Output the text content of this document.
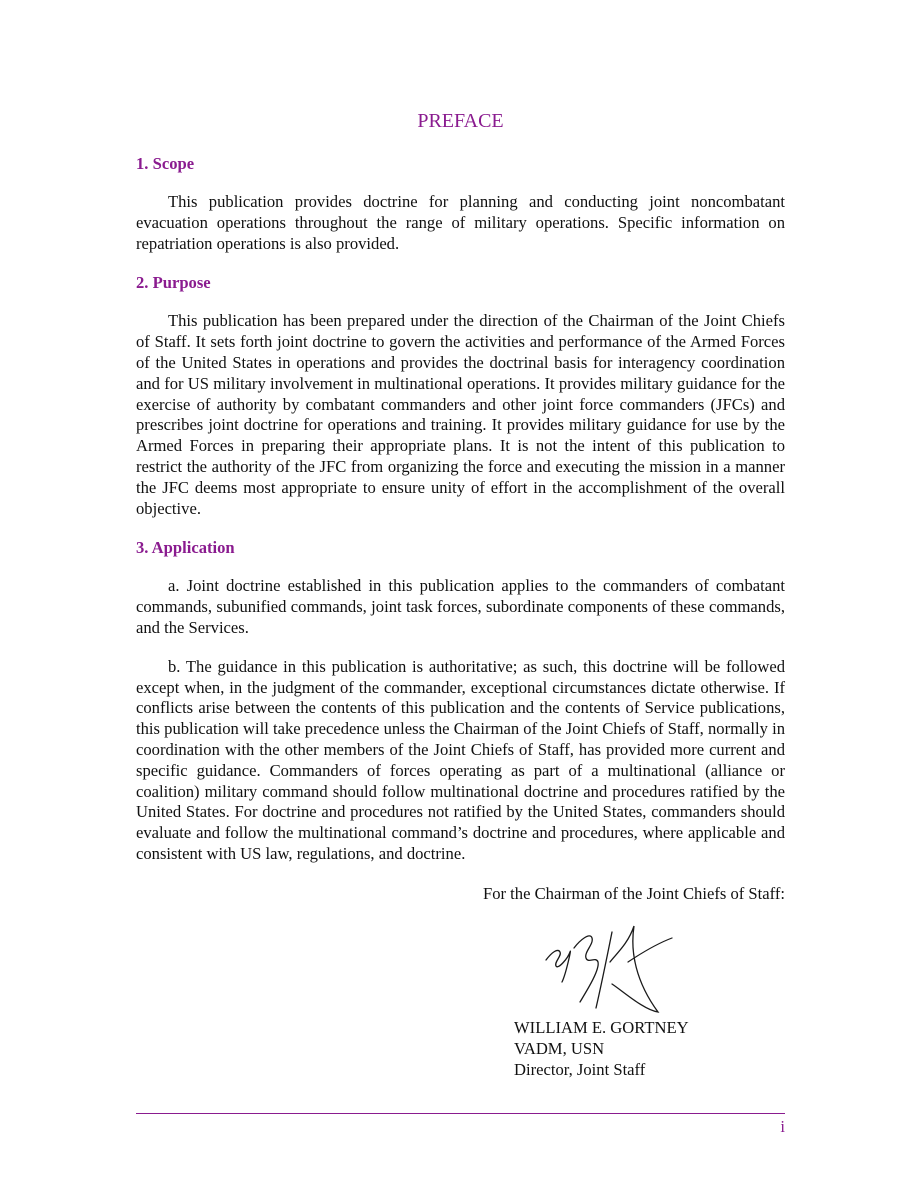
PREFACE
1. Scope

This publication provides doctrine for planning and conducting joint noncombatant evacuation operations throughout the range of military operations. Specific information on repatriation operations is also provided.

2. Purpose

This publication has been prepared under the direction of the Chairman of the Joint Chiefs of Staff. It sets forth joint doctrine to govern the activities and performance of the Armed Forces of the United States in operations and provides the doctrinal basis for interagency coordination and for US military involvement in multinational operations. It provides military guidance for the exercise of authority by combatant commanders and other joint force commanders (JFCs) and prescribes joint doctrine for operations and training. It provides military guidance for use by the Armed Forces in preparing their appropriate plans. It is not the intent of this publication to restrict the authority of the JFC from organizing the force and executing the mission in a manner the JFC deems most appropriate to ensure unity of effort in the accomplishment of the overall objective.

3. Application

a. Joint doctrine established in this publication applies to the commanders of combatant commands, subunified commands, joint task forces, subordinate components of these commands, and the Services.

b. The guidance in this publication is authoritative; as such, this doctrine will be followed except when, in the judgment of the commander, exceptional circumstances dictate otherwise. If conflicts arise between the contents of this publication and the contents of Service publications, this publication will take precedence unless the Chairman of the Joint Chiefs of Staff, normally in coordination with the other members of the Joint Chiefs of Staff, has provided more current and specific guidance. Commanders of forces operating as part of a multinational (alliance or coalition) military command should follow multinational doctrine and procedures ratified by the United States. For doctrine and procedures not ratified by the United States, commanders should evaluate and follow the multinational command’s doctrine and procedures, where applicable and consistent with US law, regulations, and doctrine.

For the Chairman of the Joint Chiefs of Staff:

WILLIAM E. GORTNEY
VADM, USN
Director, Joint Staff
i
